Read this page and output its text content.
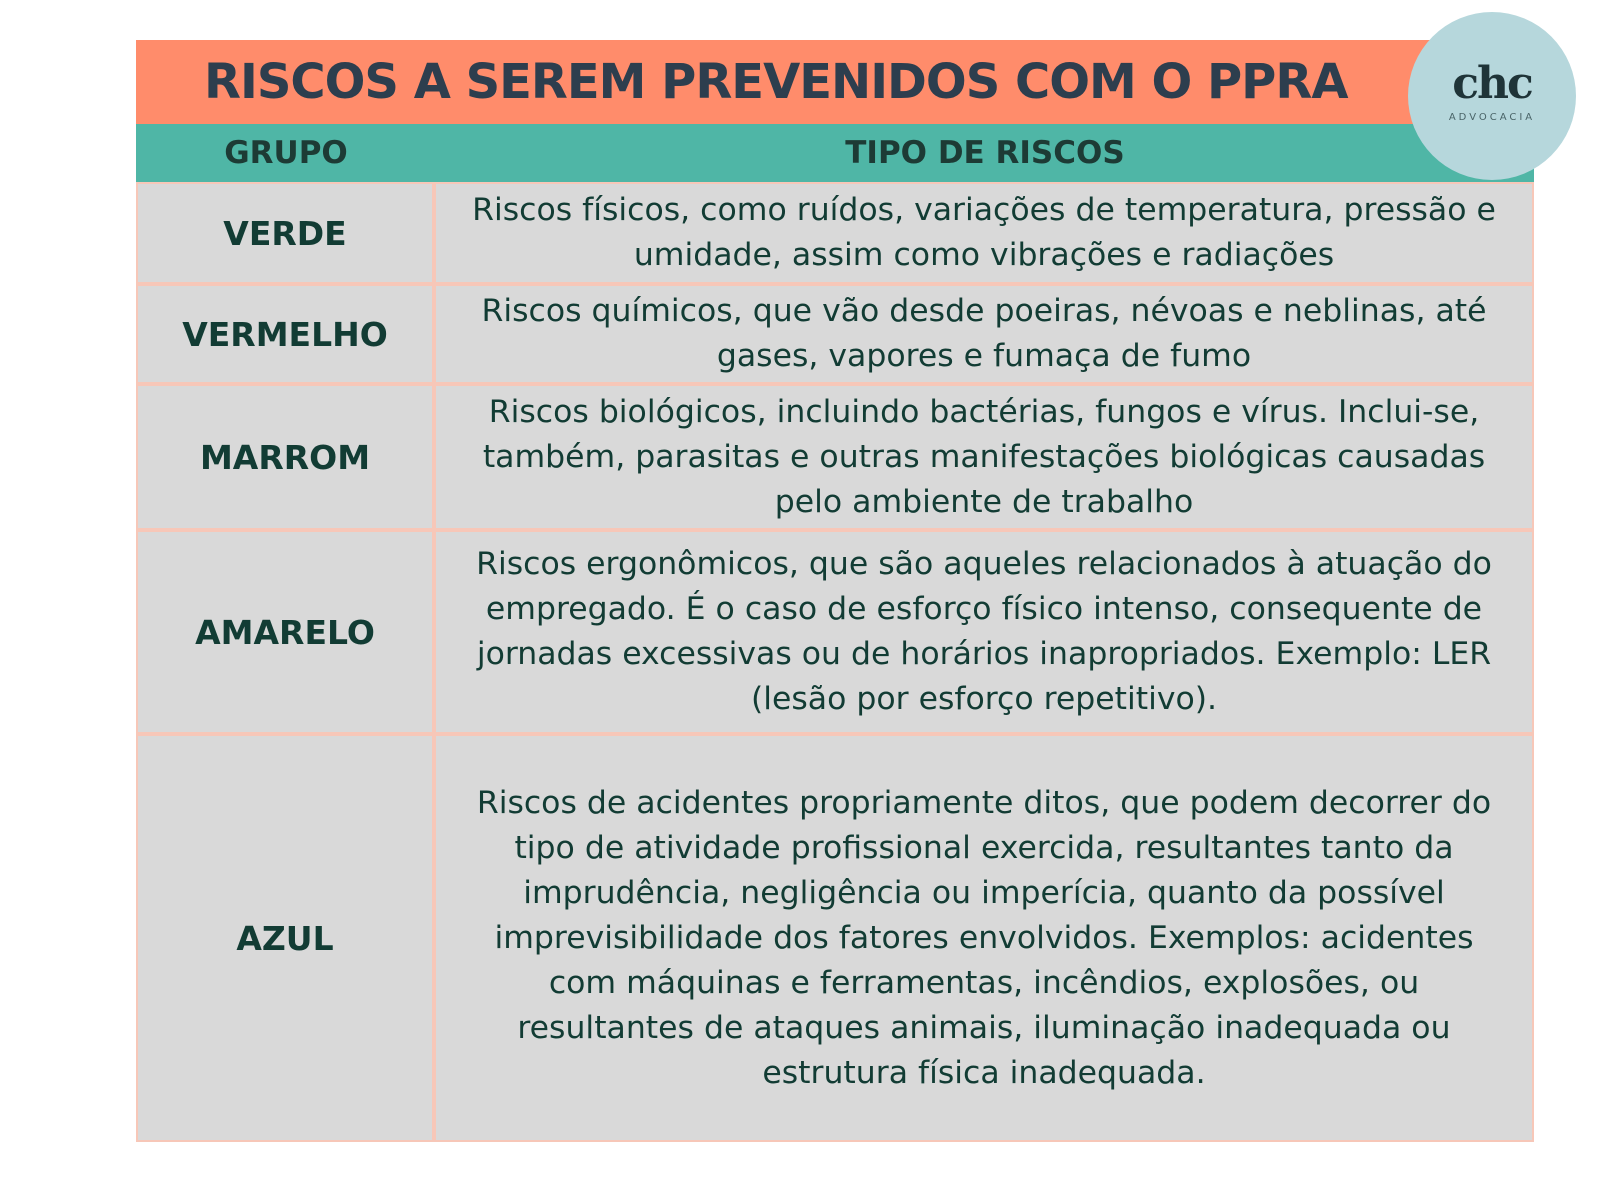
RISCOS A SEREM PREVENIDOS COM O PPRA
GRUPO	TIPO DE RISCOS
chc
ADVOCACIA
VERDE
Riscos físicos, como ruídos, variações de temperatura, pressão e umidade, assim como vibrações e radiações
VERMELHO
Riscos químicos, que vão desde poeiras, névoas e neblinas, até gases, vapores e fumaça de fumo
MARROM
Riscos biológicos, incluindo bactérias, fungos e vírus. Inclui-se, também, parasitas e outras manifestações biológicas causadas pelo ambiente de trabalho
AMARELO
Riscos ergonômicos, que são aqueles relacionados à atuação do empregado. É o caso de esforço físico intenso, consequente de jornadas excessivas ou de horários inapropriados. Exemplo: LER (lesão por esforço repetitivo).
AZUL
Riscos de acidentes propriamente ditos, que podem decorrer do tipo de atividade profissional exercida, resultantes tanto da imprudência, negligência ou imperícia, quanto da possível imprevisibilidade dos fatores envolvidos. Exemplos: acidentes com máquinas e ferramentas, incêndios, explosões, ou resultantes de ataques animais, iluminação inadequada ou estrutura física inadequada.
